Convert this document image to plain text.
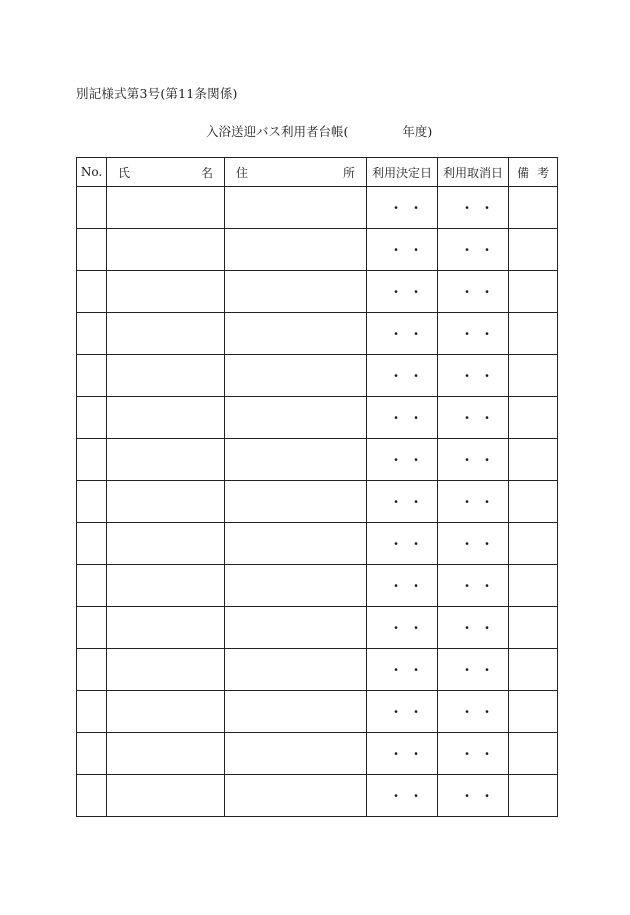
別記様式第3号(第11条関係)
入浴送迎バス利用者台帳(　　　　 年度)
No.	氏 名	住 所	利用決定日	利用取消日	備 考

			・ ・	・ ・	
			・ ・	・ ・	
			・ ・	・ ・	
			・ ・	・ ・	
			・ ・	・ ・	
			・ ・	・ ・	
			・ ・	・ ・	
			・ ・	・ ・	
			・ ・	・ ・	
			・ ・	・ ・	
			・ ・	・ ・	
			・ ・	・ ・	
			・ ・	・ ・	
			・ ・	・ ・	
			・ ・	・ ・	
